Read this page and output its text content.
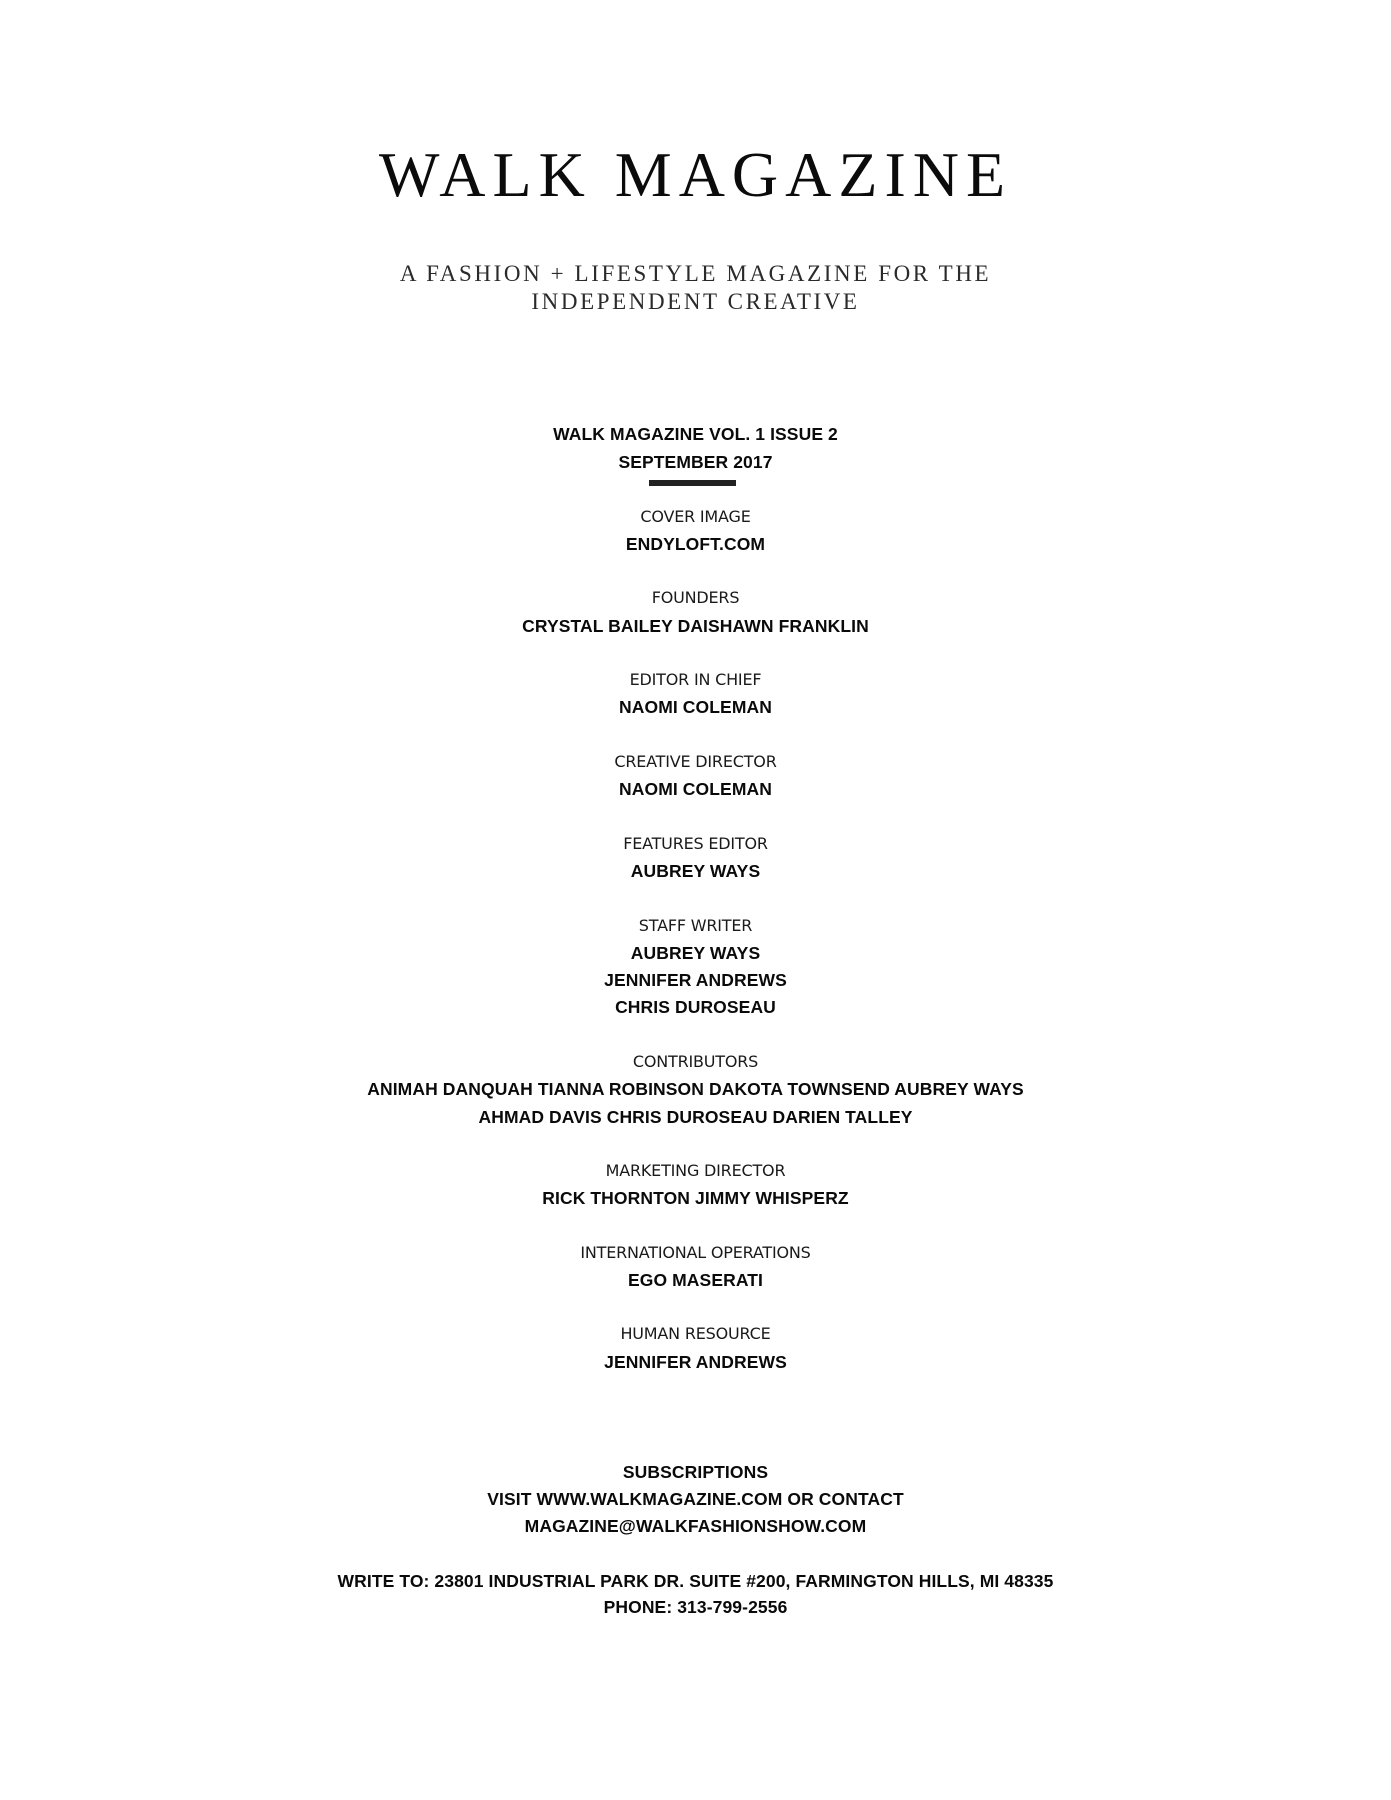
WALK MAGAZINE
A FASHION + LIFESTYLE MAGAZINE FOR THE
INDEPENDENT CREATIVE
WALK MAGAZINE VOL. 1 ISSUE 2
SEPTEMBER 2017
COVER IMAGE
ENDYLOFT.COM
FOUNDERS
CRYSTAL BAILEY DAISHAWN FRANKLIN
EDITOR IN CHIEF
NAOMI COLEMAN
CREATIVE DIRECTOR
NAOMI COLEMAN
FEATURES EDITOR
AUBREY WAYS
STAFF WRITER
AUBREY WAYS
JENNIFER ANDREWS
CHRIS DUROSEAU
CONTRIBUTORS
ANIMAH DANQUAH TIANNA ROBINSON DAKOTA TOWNSEND AUBREY WAYS
AHMAD DAVIS CHRIS DUROSEAU DARIEN TALLEY
MARKETING DIRECTOR
RICK THORNTON JIMMY WHISPERZ
INTERNATIONAL OPERATIONS
EGO MASERATI
HUMAN RESOURCE
JENNIFER ANDREWS
SUBSCRIPTIONS
VISIT WWW.WALKMAGAZINE.COM OR CONTACT
MAGAZINE@WALKFASHIONSHOW.COM
WRITE TO: 23801 INDUSTRIAL PARK DR. SUITE #200, FARMINGTON HILLS, MI 48335
PHONE: 313-799-2556
